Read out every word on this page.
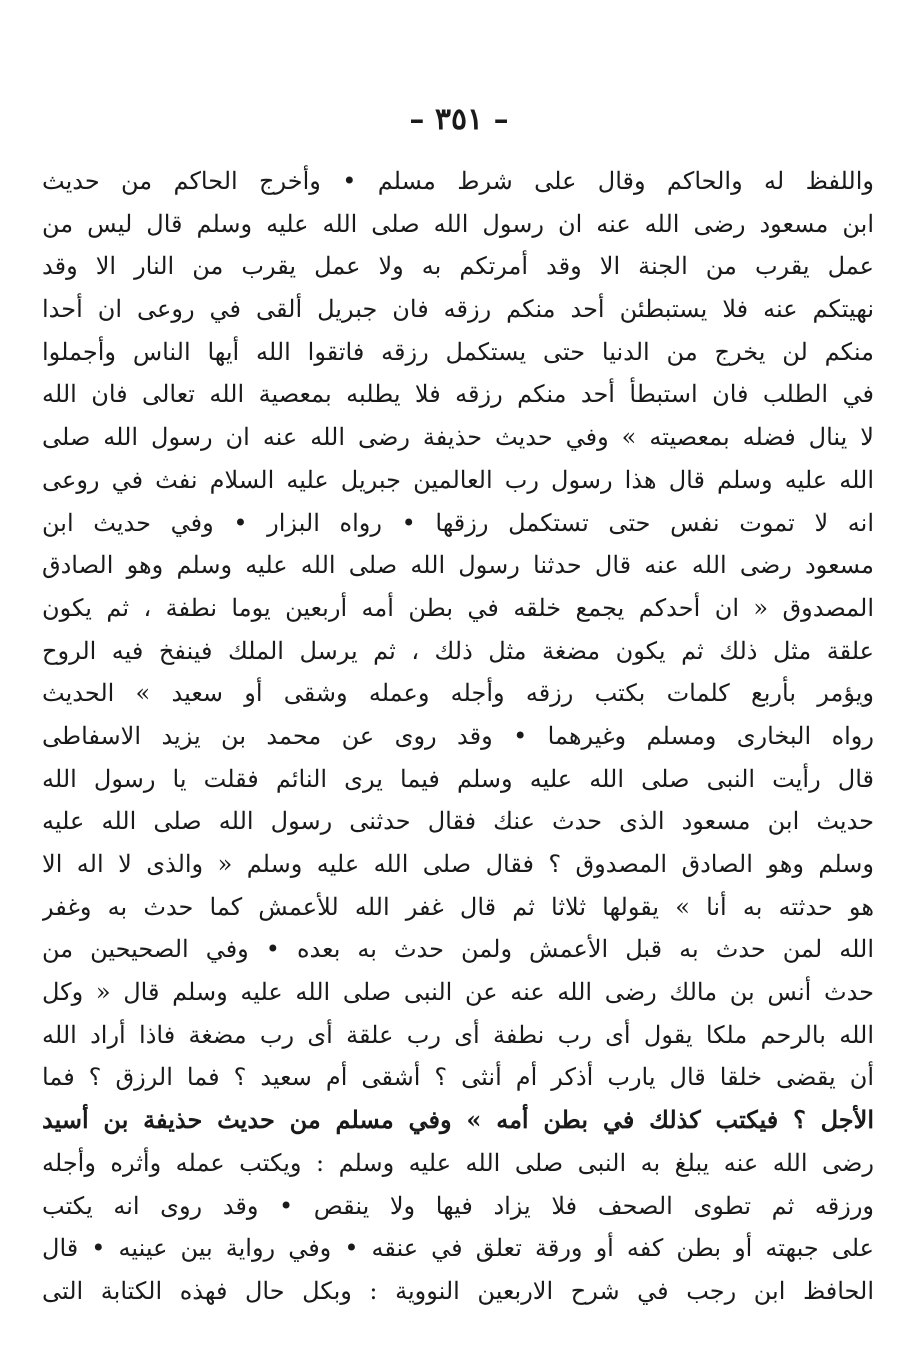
– ٣٥١ –
واللفظ له والحاكم وقال على شرط مسلم • وأخرج الحاكم من حديث
ابن مسعود رضى الله عنه ان رسول الله صلى الله عليه وسلم قال ليس من
عمل يقرب من الجنة الا وقد أمرتكم به ولا عمل يقرب من النار الا وقد
نهيتكم عنه فلا يستبطئن أحد منكم رزقه فان جبريل ألقى في روعى ان أحدا
منكم لن يخرج من الدنيا حتى يستكمل رزقه فاتقوا الله أيها الناس وأجملوا
في الطلب فان استبطأ أحد منكم رزقه فلا يطلبه بمعصية الله تعالى فان الله
لا ينال فضله بمعصيته » وفي حديث حذيفة رضى الله عنه ان رسول الله صلى
الله عليه وسلم قال هذا رسول رب العالمين جبريل عليه السلام نفث في روعى
انه لا تموت نفس حتى تستكمل رزقها • رواه البزار • وفي حديث ابن
مسعود رضى الله عنه قال حدثنا رسول الله صلى الله عليه وسلم وهو الصادق
المصدوق « ان أحدكم يجمع خلقه في بطن أمه أربعين يوما نطفة ، ثم يكون
علقة مثل ذلك ثم يكون مضغة مثل ذلك ، ثم يرسل الملك فينفخ فيه الروح
ويؤمر بأربع كلمات بكتب رزقه وأجله وعمله وشقى أو سعيد » الحديث
رواه البخارى ومسلم وغيرهما • وقد روى عن محمد بن يزيد الاسفاطى
قال رأيت النبى صلى الله عليه وسلم فيما يرى النائم فقلت يا رسول الله
حديث ابن مسعود الذى حدث عنك فقال حدثنى رسول الله صلى الله عليه
وسلم وهو الصادق المصدوق ؟ فقال صلى الله عليه وسلم « والذى لا اله الا
هو حدثته به أنا » يقولها ثلاثا ثم قال غفر الله للأعمش كما حدث به وغفر
الله لمن حدث به قبل الأعمش ولمن حدث به بعده • وفي الصحيحين من
حدث أنس بن مالك رضى الله عنه عن النبى صلى الله عليه وسلم قال « وكل
الله بالرحم ملكا يقول أى رب نطفة أى رب علقة أى رب مضغة فاذا أراد الله
أن يقضى خلقا قال يارب أذكر أم أنثى ؟ أشقى أم سعيد ؟ فما الرزق ؟ فما
الأجل ؟ فيكتب كذلك في بطن أمه » وفي مسلم من حديث حذيفة بن أسيد
رضى الله عنه يبلغ به النبى صلى الله عليه وسلم : ويكتب عمله وأثره وأجله
ورزقه ثم تطوى الصحف فلا يزاد فيها ولا ينقص • وقد روى انه يكتب
على جبهته أو بطن كفه أو ورقة تعلق في عنقه • وفي رواية بين عينيه • قال
الحافظ ابن رجب في شرح الاربعين النووية : وبكل حال فهذه الكتابة التى
